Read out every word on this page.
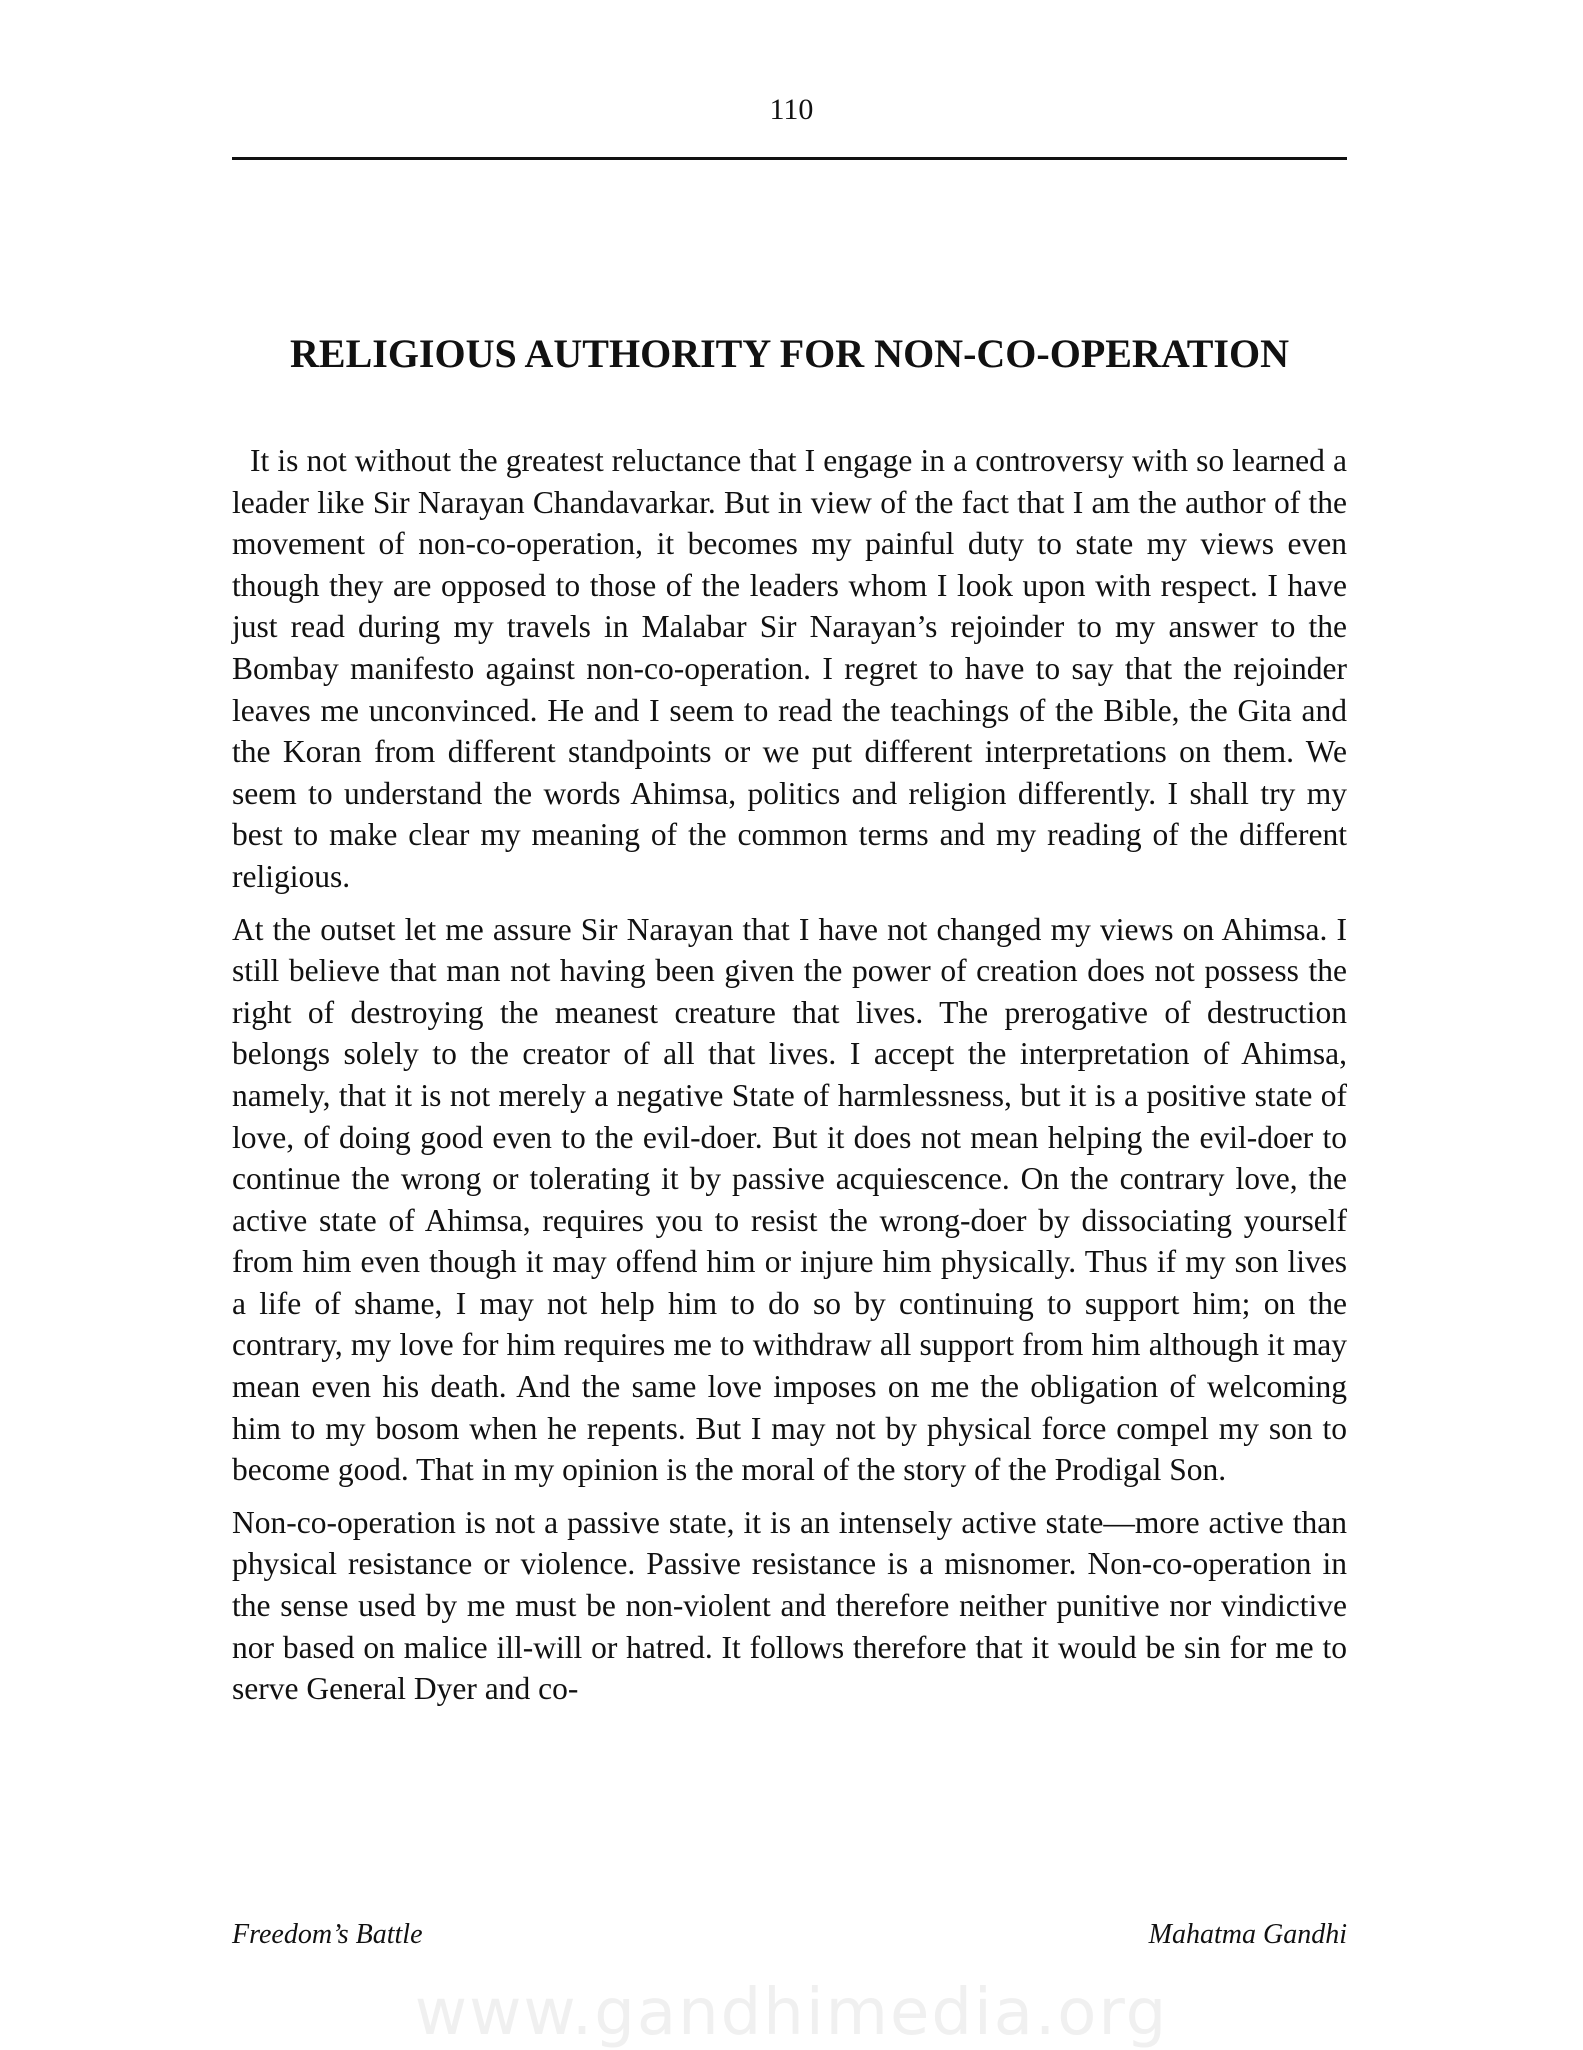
110
RELIGIOUS AUTHORITY FOR NON-CO-OPERATION

It is not without the greatest reluctance that I engage in a controversy with so learned a leader like Sir Narayan Chandavarkar. But in view of the fact that I am the author of the movement of non-co-operation, it becomes my painful duty to state my views even though they are opposed to those of the leaders whom I look upon with respect. I have just read during my travels in Malabar Sir Narayan’s rejoinder to my answer to the Bombay manifesto against non-co-operation. I regret to have to say that the rejoinder leaves me unconvinced. He and I seem to read the teachings of the Bible, the Gita and the Koran from different standpoints or we put different interpretations on them. We seem to understand the words Ahimsa, politics and religion differently. I shall try my best to make clear my meaning of the common terms and my reading of the different religious.

At the outset let me assure Sir Narayan that I have not changed my views on Ahimsa. I still believe that man not having been given the power of creation does not possess the right of destroying the meanest creature that lives. The prerogative of destruction belongs solely to the creator of all that lives. I accept the interpretation of Ahimsa, namely, that it is not merely a negative State of harmlessness, but it is a positive state of love, of doing good even to the evil-doer. But it does not mean helping the evil-doer to continue the wrong or tolerating it by passive acquiescence. On the contrary love, the active state of Ahimsa, requires you to resist the wrong-doer by dissociating yourself from him even though it may offend him or injure him physically. Thus if my son lives a life of shame, I may not help him to do so by continuing to support him; on the contrary, my love for him requires me to withdraw all support from him although it may mean even his death. And the same love imposes on me the obligation of welcoming him to my bosom when he repents. But I may not by physical force compel my son to become good. That in my opinion is the moral of the story of the Prodigal Son.

Non-co-operation is not a passive state, it is an intensely active state—more active than physical resistance or violence. Passive resistance is a misnomer. Non-co-operation in the sense used by me must be non-violent and therefore neither punitive nor vindictive nor based on malice ill-will or hatred. It follows therefore that it would be sin for me to serve General Dyer and co-

Freedom’s Battle	Mahatma Gandhi
www.gandhimedia.org
